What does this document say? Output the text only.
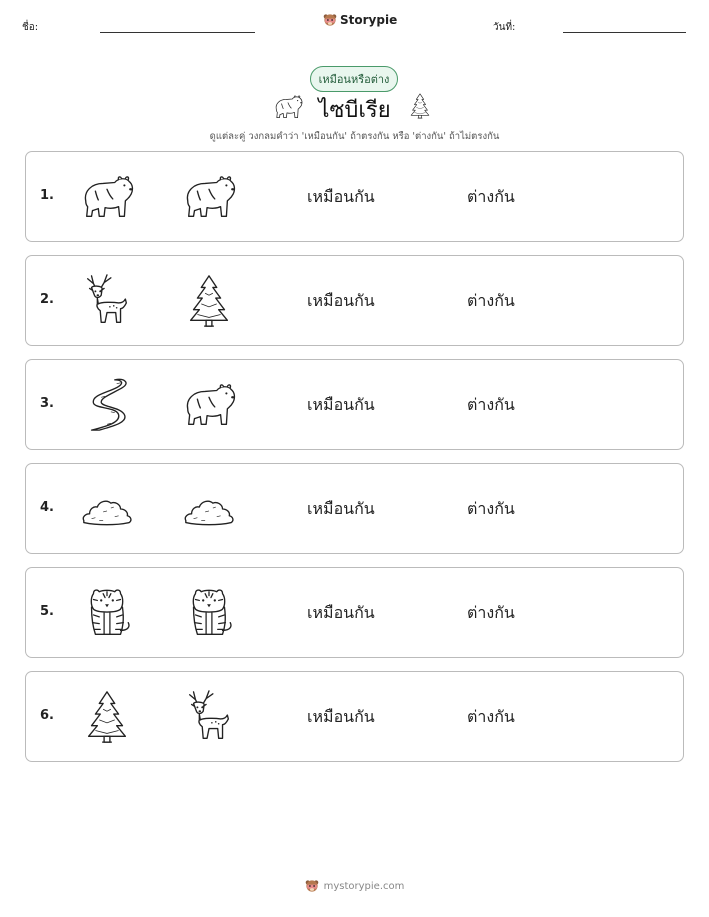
ชื่อ:
Storypie
วันที่:
เหมือนหรือต่าง
ไซบีเรีย
ดูแต่ละคู่ วงกลมคำว่า 'เหมือนกัน' ถ้าตรงกัน หรือ 'ต่างกัน' ถ้าไม่ตรงกัน
1.	เหมือนกัน	ต่างกัน
2.	เหมือนกัน	ต่างกัน
3.	เหมือนกัน	ต่างกัน
4.	เหมือนกัน	ต่างกัน
5.	เหมือนกัน	ต่างกัน
6.	เหมือนกัน	ต่างกัน
mystorypie.com
